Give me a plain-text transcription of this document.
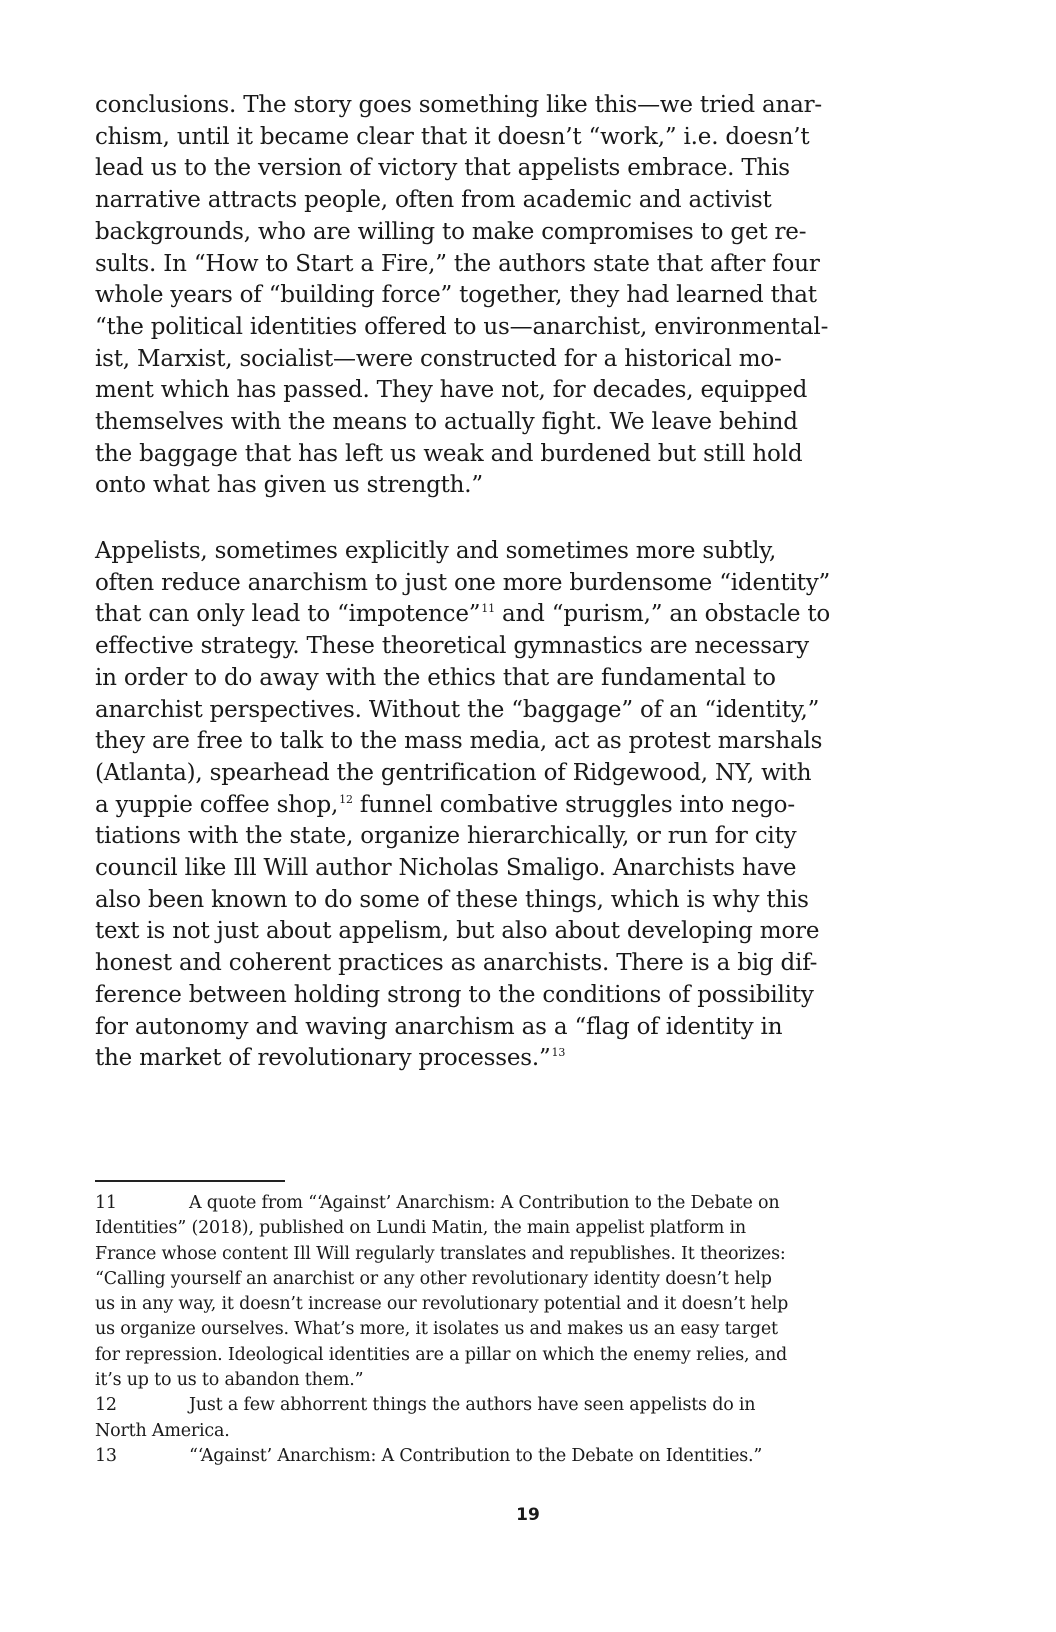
conclusions. The story goes something like this—we tried anar-
chism, until it became clear that it doesn’t “work,” i.e. doesn’t
lead us to the version of victory that appelists embrace. This
narrative attracts people, often from academic and activist
backgrounds, who are willing to make compromises to get re-
sults. In “How to Start a Fire,” the authors state that after four
whole years of “building force” together, they had learned that
“the political identities offered to us—anarchist, environmental-
ist, Marxist, socialist—were constructed for a historical mo-
ment which has passed. They have not, for decades, equipped
themselves with the means to actually fight. We leave behind
the baggage that has left us weak and burdened but still hold
onto what has given us strength.”

Appelists, sometimes explicitly and sometimes more subtly,
often reduce anarchism to just one more burdensome “identity”
that can only lead to “impotence”$^{11}$ and “purism,” an obstacle to
effective strategy. These theoretical gymnastics are necessary
in order to do away with the ethics that are fundamental to
anarchist perspectives. Without the “baggage” of an “identity,”
they are free to talk to the mass media, act as protest marshals
(Atlanta), spearhead the gentrification of Ridgewood, NY, with
a yuppie coffee shop,$^{12}$ funnel combative struggles into nego-
tiations with the state, organize hierarchically, or run for city
council like Ill Will author Nicholas Smaligo. Anarchists have
also been known to do some of these things, which is why this
text is not just about appelism, but also about developing more
honest and coherent practices as anarchists. There is a big dif-
ference between holding strong to the conditions of possibility
for autonomy and waving anarchism as a “flag of identity in
the market of revolutionary processes.”$^{13}$

11	A quote from “‘Against’ Anarchism: A Contribution to the Debate on
Identities” (2018), published on Lundi Matin, the main appelist platform in
France whose content Ill Will regularly translates and republishes. It theorizes:
“Calling yourself an anarchist or any other revolutionary identity doesn’t help
us in any way, it doesn’t increase our revolutionary potential and it doesn’t help
us organize ourselves. What’s more, it isolates us and makes us an easy target
for repression. Ideological identities are a pillar on which the enemy relies, and
it’s up to us to abandon them.”
12	Just a few abhorrent things the authors have seen appelists do in
North America.
13	“‘Against’ Anarchism: A Contribution to the Debate on Identities.”
19
